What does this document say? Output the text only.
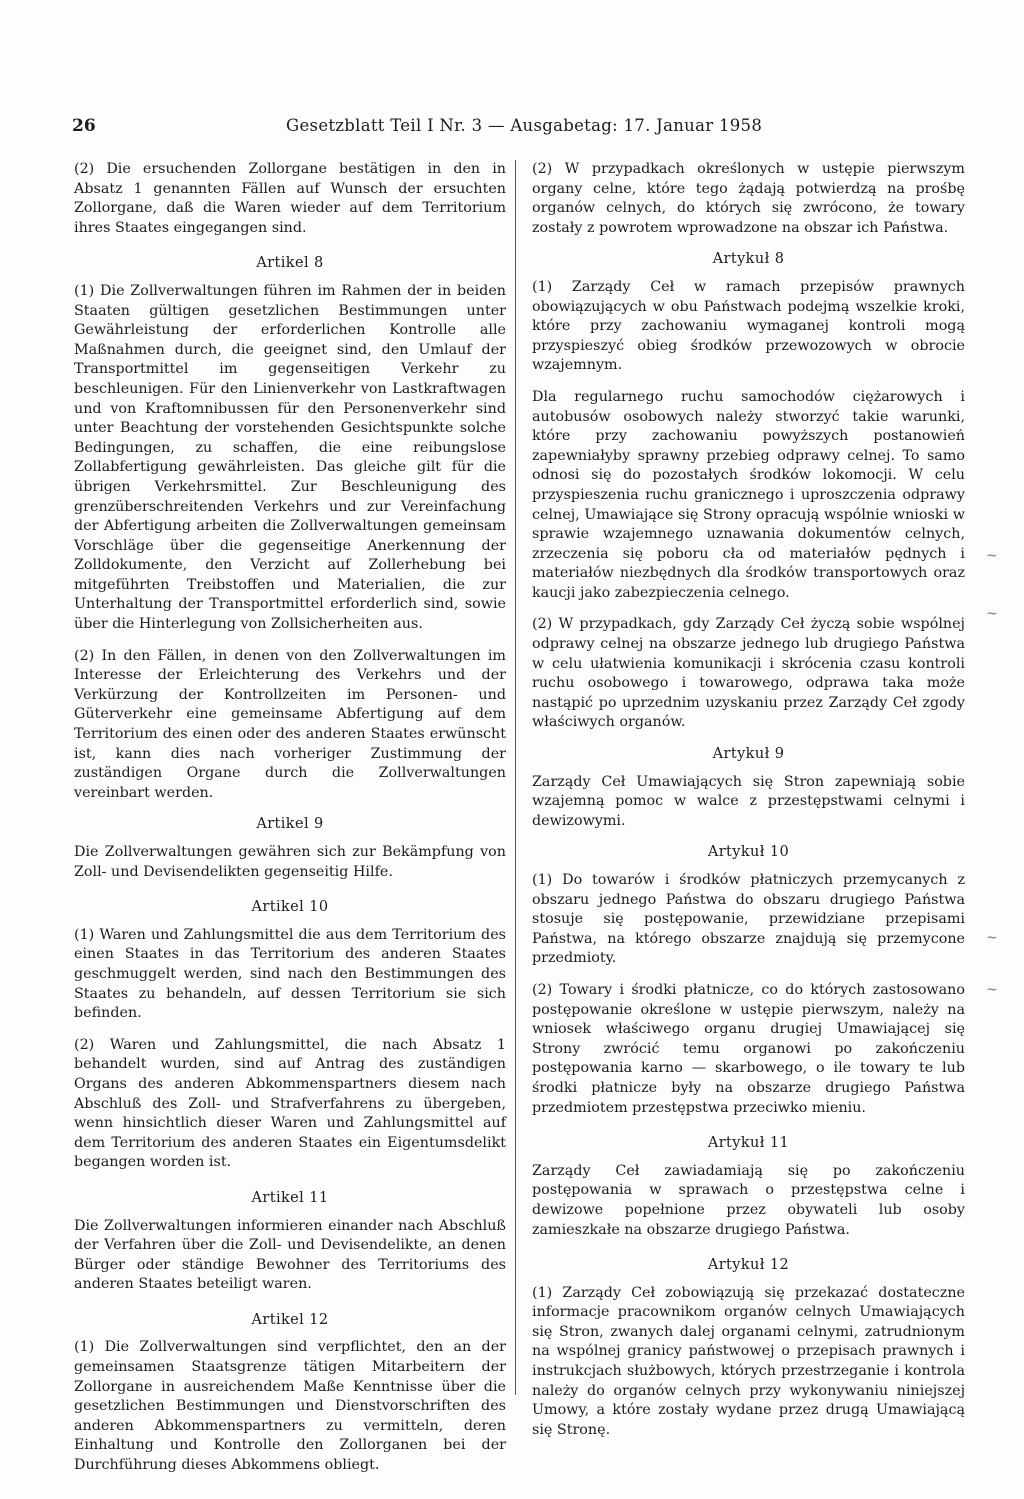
26	Gesetzblatt Teil I Nr. 3 — Ausgabetag: 17. Januar 1958

(2) Die ersuchenden Zollorgane bestätigen in den in Absatz 1 genannten Fällen auf Wunsch der ersuchten Zollorgane, daß die Waren wieder auf dem Territorium ihres Staates eingegangen sind.

Artikel 8

(1) Die Zollverwaltungen führen im Rahmen der in beiden Staaten gültigen gesetzlichen Bestimmungen unter Gewährleistung der erforderlichen Kontrolle alle Maßnahmen durch, die geeignet sind, den Umlauf der Transportmittel im gegenseitigen Verkehr zu beschleunigen. Für den Linienverkehr von Lastkraftwagen und von Kraftomnibussen für den Personenverkehr sind unter Beachtung der vorstehenden Gesichtspunkte solche Bedingungen, zu schaffen, die eine reibungslose Zollabfertigung gewährleisten. Das gleiche gilt für die übrigen Verkehrsmittel. Zur Beschleunigung des grenzüberschreitenden Verkehrs und zur Vereinfachung der Abfertigung arbeiten die Zollverwaltungen gemeinsam Vorschläge über die gegenseitige Anerkennung der Zolldokumente, den Verzicht auf Zollerhebung bei mitgeführten Treibstoffen und Materialien, die zur Unterhaltung der Transportmittel erforderlich sind, sowie über die Hinterlegung von Zollsicherheiten aus.

(2) In den Fällen, in denen von den Zollverwaltungen im Interesse der Erleichterung des Verkehrs und der Verkürzung der Kontrollzeiten im Personen- und Güterverkehr eine gemeinsame Abfertigung auf dem Territorium des einen oder des anderen Staates erwünscht ist, kann dies nach vorheriger Zustimmung der zuständigen Organe durch die Zollverwaltungen vereinbart werden.

Artikel 9

Die Zollverwaltungen gewähren sich zur Bekämpfung von Zoll- und Devisendelikten gegenseitig Hilfe.

Artikel 10

(1) Waren und Zahlungsmittel die aus dem Territorium des einen Staates in das Territorium des anderen Staates geschmuggelt werden, sind nach den Bestimmungen des Staates zu behandeln, auf dessen Territorium sie sich befinden.

(2) Waren und Zahlungsmittel, die nach Absatz 1 behandelt wurden, sind auf Antrag des zuständigen Organs des anderen Abkommenspartners diesem nach Abschluß des Zoll- und Strafverfahrens zu übergeben, wenn hinsichtlich dieser Waren und Zahlungsmittel auf dem Territorium des anderen Staates ein Eigentumsdelikt begangen worden ist.

Artikel 11

Die Zollverwaltungen informieren einander nach Abschluß der Verfahren über die Zoll- und Devisendelikte, an denen Bürger oder ständige Bewohner des Territoriums des anderen Staates beteiligt waren.

Artikel 12

(1) Die Zollverwaltungen sind verpflichtet, den an der gemeinsamen Staatsgrenze tätigen Mitarbeitern der Zollorgane in ausreichendem Maße Kenntnisse über die gesetzlichen Bestimmungen und Dienstvorschriften des anderen Abkommenspartners zu vermitteln, deren Einhaltung und Kontrolle den Zollorganen bei der Durchführung dieses Abkommens obliegt.

(2) W przypadkach określonych w ustępie pierwszym organy celne, które tego żądają potwierdzą na prośbę organów celnych, do których się zwrócono, że towary zostały z powrotem wprowadzone na obszar ich Państwa.

Artykuł 8

(1) Zarządy Ceł w ramach przepisów prawnych obowiązujących w obu Państwach podejmą wszelkie kroki, które przy zachowaniu wymaganej kontroli mogą przyspieszyć obieg środków przewozowych w obrocie wzajemnym.

Dla regularnego ruchu samochodów ciężarowych i autobusów osobowych należy stworzyć takie warunki, które przy zachowaniu powyższych postanowień zapewniałyby sprawny przebieg odprawy celnej. To samo odnosi się do pozostałych środków lokomocji. W celu przyspieszenia ruchu granicznego i uproszczenia odprawy celnej, Umawiające się Strony opracują wspólnie wnioski w sprawie wzajemnego uznawania dokumentów celnych, zrzeczenia się poboru cła od materiałów pędnych i materiałów niezbędnych dla środków transportowych oraz kaucji jako zabezpieczenia celnego.

(2) W przypadkach, gdy Zarządy Ceł życzą sobie wspólnej odprawy celnej na obszarze jednego lub drugiego Państwa w celu ułatwienia komunikacji i skrócenia czasu kontroli ruchu osobowego i towarowego, odprawa taka może nastąpić po uprzednim uzyskaniu przez Zarządy Ceł zgody właściwych organów.

Artykuł 9

Zarządy Ceł Umawiających się Stron zapewniają sobie wzajemną pomoc w walce z przestępstwami celnymi i dewizowymi.

Artykuł 10

(1) Do towarów i środków płatniczych przemycanych z obszaru jednego Państwa do obszaru drugiego Państwa stosuje się postępowanie, przewidziane przepisami Państwa, na którego obszarze znajdują się przemycone przedmioty.

(2) Towary i środki płatnicze, co do których zastosowano postępowanie określone w ustępie pierwszym, należy na wniosek właściwego organu drugiej Umawiającej się Strony zwrócić temu organowi po zakończeniu postępowania karno — skarbowego, o ile towary te lub środki płatnicze były na obszarze drugiego Państwa przedmiotem przestępstwa przeciwko mieniu.

Artykuł 11

Zarządy Ceł zawiadamiają się po zakończeniu postępowania w sprawach o przestępstwa celne i dewizowe popełnione przez obywateli lub osoby zamieszkałe na obszarze drugiego Państwa.

Artykuł 12

(1) Zarządy Ceł zobowiązują się przekazać dostateczne informacje pracownikom organów celnych Umawiających się Stron, zwanych dalej organami celnymi, zatrudnionym na wspólnej granicy państwowej o przepisach prawnych i instrukcjach służbowych, których przestrzeganie i kontrola należy do organów celnych przy wykonywaniu niniejszej Umowy, a które zostały wydane przez drugą Umawiającą się Stronę.

~
~
~
~
